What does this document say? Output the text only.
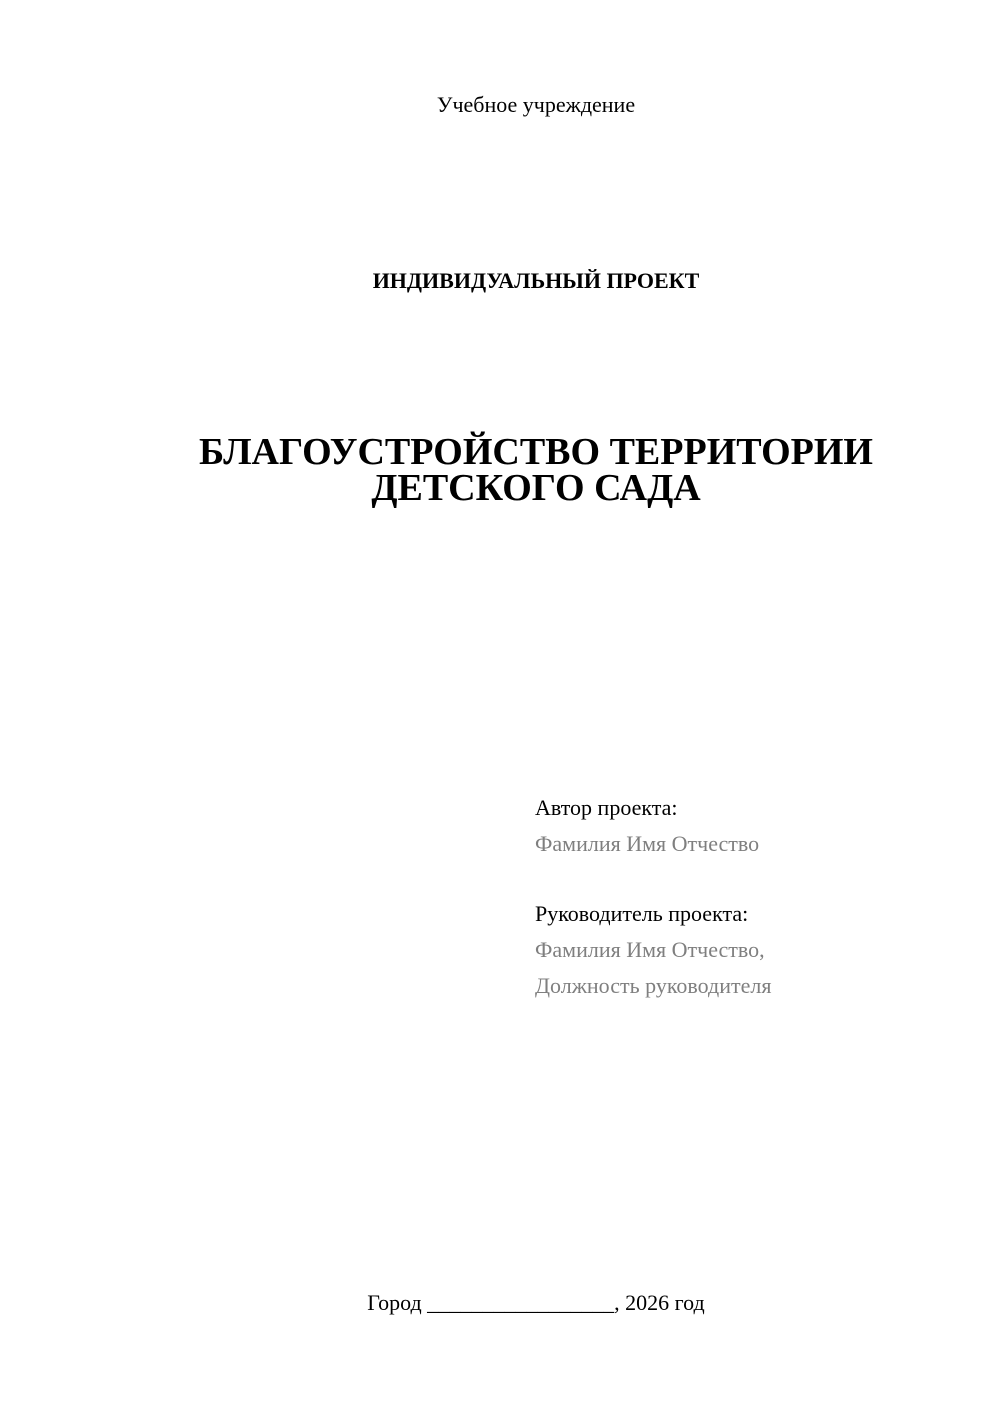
Учебное учреждение
ИНДИВИДУАЛЬНЫЙ ПРОЕКТ
БЛАГОУСТРОЙСТВО ТЕРРИТОРИИ
ДЕТСКОГО САДА
Автор проекта:
Фамилия Имя Отчество
Руководитель проекта:
Фамилия Имя Отчество,
Должность руководителя
Город _________________, 2026 год
